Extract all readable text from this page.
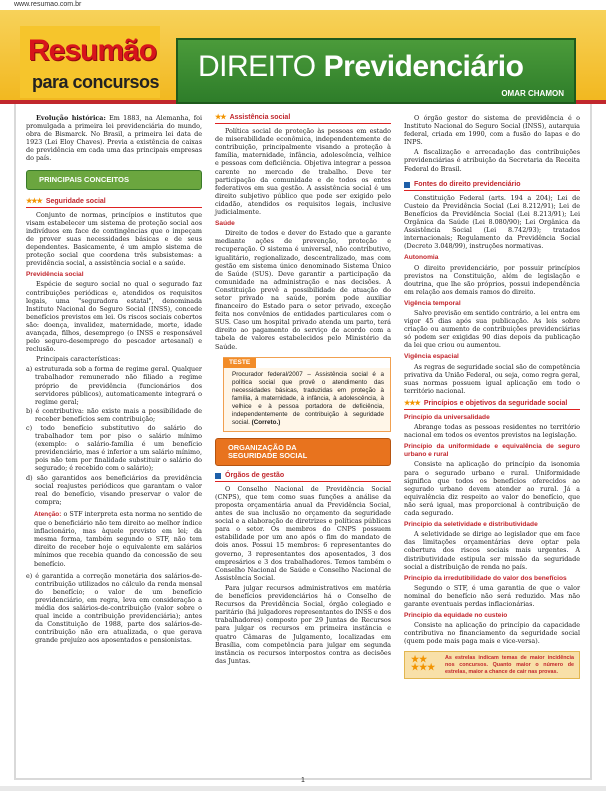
www.resumao.com.br
Resumão
para concursos DIREITO Previdenciário
OMAR CHAMON

Evolução histórica: Em 1883, na Alemanha, foi promulgada a primeira lei previdenciária do mundo, obra de Bismarck. No Brasil, a primeira lei data de 1923 (Lei Eloy Chaves). Previa a existência de caixas de previdência em cada uma das principais empresas do país.

PRINCIPAIS CONCEITOS
★★★ Seguridade social

Conjunto de normas, princípios e institutos que visam estabelecer um sistema de proteção social aos indivíduos em face de contingências que o impeçam de prover suas necessidades básicas e de seus dependentes. Basicamente, é um amplo sistema de proteção social que coordena três subsistemas: a previdência social, a assistência social e a saúde.

Previdência social

Espécie de seguro social no qual o segurado faz contribuições periódicas e, atendidos os requisitos legais, uma "seguradora estatal", denominada Instituto Nacional do Seguro Social (INSS), concede benefícios previstos em lei. Os riscos sociais cobertos são: doença, invalidez, maternidade, morte, idade avançada, filhos, desemprego (o INSS e responsável pelo seguro-desemprego do pescador artesanal) e reclusão.

Principais características:

a) estruturada sob a forma de regime geral. Qualquer trabalhador remunerado não filiado a regime próprio de previdência (funcionários dos servidores públicos), automaticamente integrará o regime geral;
b) é contributiva: não existe mais a possibilidade de receber benefícios sem contribuição;
c) todo benefício substitutivo do salário do trabalhador tem por piso o salário mínimo (exemplo: o salário-família é um benefício previdenciário, mas é inferior a um salário mínimo, pois não tem por finalidade substituir o salário do segurado; é recebido com o salário);
d) são garantidos aos beneficiários da previdência social reajustes periódicos que garantam o valor real do benefício, visando preservar o valor de compra;

Atenção: o STF interpreta esta norma no sentido de que o beneficiário não tem direito ao melhor índice inflacionário, mas àquele previsto em lei; da mesma forma, também segundo o STF, não tem direito de receber hoje o equivalente em salários mínimos que recebia quando da concessão de seu benefício.

e) é garantida a correção monetária dos salários-de-contribuição utilizados no cálculo da renda mensal do benefício; o valor de um benefício previdenciário, em regra, leva em consideração a média dos salários-de-contribuição (valor sobre o qual incide a contribuição previdenciária); antes da Constituição de 1988, parte dos salários-de-contribuição não era atualizada, o que gerava grande prejuízo aos aposentados e pensionistas.
★★ Assistência social

Política social de proteção às pessoas em estado de miserabilidade econômica, independentemente de contribuição, principalmente visando a proteção à família, maternidade, infância, adolescência, velhice e pessoas com deficiência. Objetiva integrar a pessoa carente no mercado de trabalho. Deve ter participação da comunidade e de todos os entes federativos em sua gestão. A assistência social é um direito subjetivo público que pode ser exigido pelo cidadão, atendidos os requisitos legais, inclusive judicialmente.

Saúde

Direito de todos e dever do Estado que a garante mediante ações de prevenção, proteção e recuperação. O sistema é universal, não contributivo, igualitário, regionalizado, descentralizado, mas com gestão em sistema único denominado Sistema Único de Saúde (SUS). Deve garantir a participação da comunidade na administração e nas decisões. A Constituição prevê a possibilidade de atuação do setor privado na saúde, porém pode auxiliar financeiro do Estado para o setor privado, exceção feita nos convênios de entidades particulares com o SUS. Caso um hospital privado atenda um parto, terá direito ao pagamento do serviço de acordo com a tabela de valores estabelecidos pelo Ministério da Saúde.

TESTE
Procurador federal/2007 – Assistência social é a política social que provê o atendimento das necessidades básicas, traduzidas em proteção à família, à maternidade, à infância, à adolescência, à velhice e à pessoa portadora de deficiência, independentemente de contribuição à seguridade social. (Correto.)
ORGANIZAÇÃO DA
SEGURIDADE SOCIAL
Órgãos de gestão

O Conselho Nacional de Previdência Social (CNPS), que tem como suas funções a análise da proposta orçamentária anual da Previdência Social, antes de sua inclusão no orçamento da seguridade social e a elaboração de diretrizes e políticas públicas para o setor. Os membros do CNPS possuem estabilidade por um ano após o fim do mandato de dois anos. Possui 15 membros: 6 representantes do governo, 3 representantes dos aposentados, 3 dos empresários e 3 dos trabalhadores. Temos também o Conselho Nacional de Saúde e Conselho Nacional de Assistência Social.

Para julgar recursos administrativos em matéria de benefícios previdenciários há o Conselho de Recursos da Previdência Social, órgão colegiado e paritário (há julgadores representantes do INSS e dos trabalhadores) composto por 29 Juntas de Recursos para julgar os recursos em primeira instância e quatro Câmaras de Julgamento, localizadas em Brasília, com competência para julgar em segunda instância os recursos interpostos contra as decisões das Juntas.

O órgão gestor do sistema de previdência é o Instituto Nacional do Seguro Social (INSS), autarquia federal, criada em 1990, com a fusão do Iapas e do INPS.

A fiscalização e arrecadação das contribuições previdenciárias é atribuição da Secretaria da Receita Federal do Brasil.

Fontes do direito previdenciário

Constituição Federal (arts. 194 a 204); Lei de Custeio da Previdência Social (Lei 8.212/91); Lei de Benefícios da Previdência Social (Lei 8.213/91); Lei Orgânica da Saúde (Lei 8.080/90); Lei Orgânica da Assistência Social (Lei 8.742/93); tratados internacionais; Regulamento da Previdência Social (Decreto 3.048/99), instruções normativas.

Autonomia

O direito previdenciário, por possuir princípios previstos na Constituição, além de legislação e doutrina, que lhe são próprios, possui independência em relação aos demais ramos do direito.

Vigência temporal

Salvo previsão em sentido contrário, a lei entra em vigor 45 dias após sua publicação. As leis sobre criação ou aumento de contribuições previdenciárias só podem ser exigidas 90 dias depois da publicação da lei que criou ou aumentou.

Vigência espacial

As regras de seguridade social são de competência privativa da União Federal, ou seja, como regra geral, suas normas possuem igual aplicação em todo o território nacional.

★★★ Princípios e objetivos da seguridade social
Princípio da universalidade

Abrange todas as pessoas residentes no território nacional em todos os eventos previstos na legislação.

Princípio da uniformidade e equivalência de seguro urbano e rural

Consiste na aplicação do princípio da isonomia para o segurado urbano e rural. Uniformidade significa que todos os benefícios oferecidos ao segurado urbano devem atender ao rural. Já a equivalência diz respeito ao valor do benefício, que não será igual, mas proporcional à contribuição de cada segurado.

Princípio da seletividade e distributividade

A seletividade se dirige ao legislador que em face das limitações orçamentárias deve optar pela cobertura dos riscos sociais mais urgentes. A distributividade estipula ser missão da seguridade social a distribuição de renda no país.

Princípio da irredutibilidade do valor dos benefícios

Segundo o STF, é uma garantia de que o valor nominal do benefício não será reduzido. Mas não garante eventuais perdas inflacionárias.

Princípio da equidade no custeio

Consiste na aplicação do princípio da capacidade contributiva no financiamento da seguridade social (quem pode mais paga mais e vice-versa).

★★
★★★
As estrelas indicam temas de maior incidência nos concursos. Quanto maior o número de estrelas, maior a chance de cair nas provas.
1
